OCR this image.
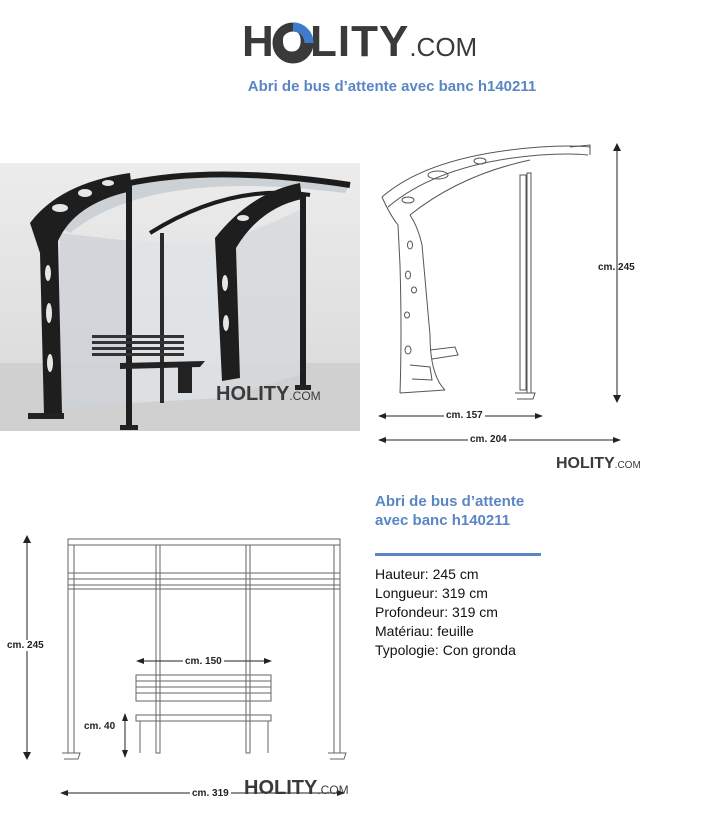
HOLITY.COM
Abri de bus d’attente avec banc h140211
HOLITY.COM
cm. 245
cm. 157
cm. 204
HOLITY.COM
cm. 245
cm. 150
cm. 40
cm. 319 HOLITY.COM
Abri de bus d’attente avec banc h140211
Hauteur: 245 cm
Longueur: 319 cm
Profondeur: 319 cm
Matériau: feuille
Typologie: Con gronda
